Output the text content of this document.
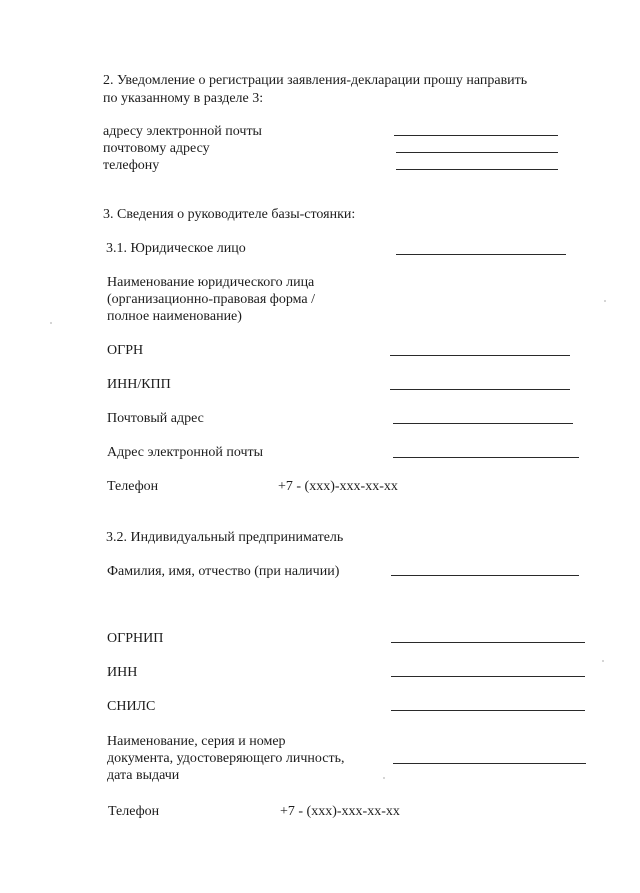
2. Уведомление о регистрации заявления-декларации прошу направить
по указанному в разделе 3:
адресу электронной почты
почтовому адресу
телефону
3. Сведения о руководителе базы-стоянки:
3.1. Юридическое лицо
Наименование юридического лица
(организационно-правовая форма /
полное наименование)
ОГРН
ИНН/КПП
Почтовый адрес
Адрес электронной почты
Телефон	+7 - (ххх)-ххх-хх-хх
3.2. Индивидуальный предприниматель
Фамилия, имя, отчество (при наличии)
ОГРНИП
ИНН
СНИЛС
Наименование, серия и номер
документа, удостоверяющего личность,
дата выдачи
Телефон	+7 - (ххх)-ххх-хх-хх
